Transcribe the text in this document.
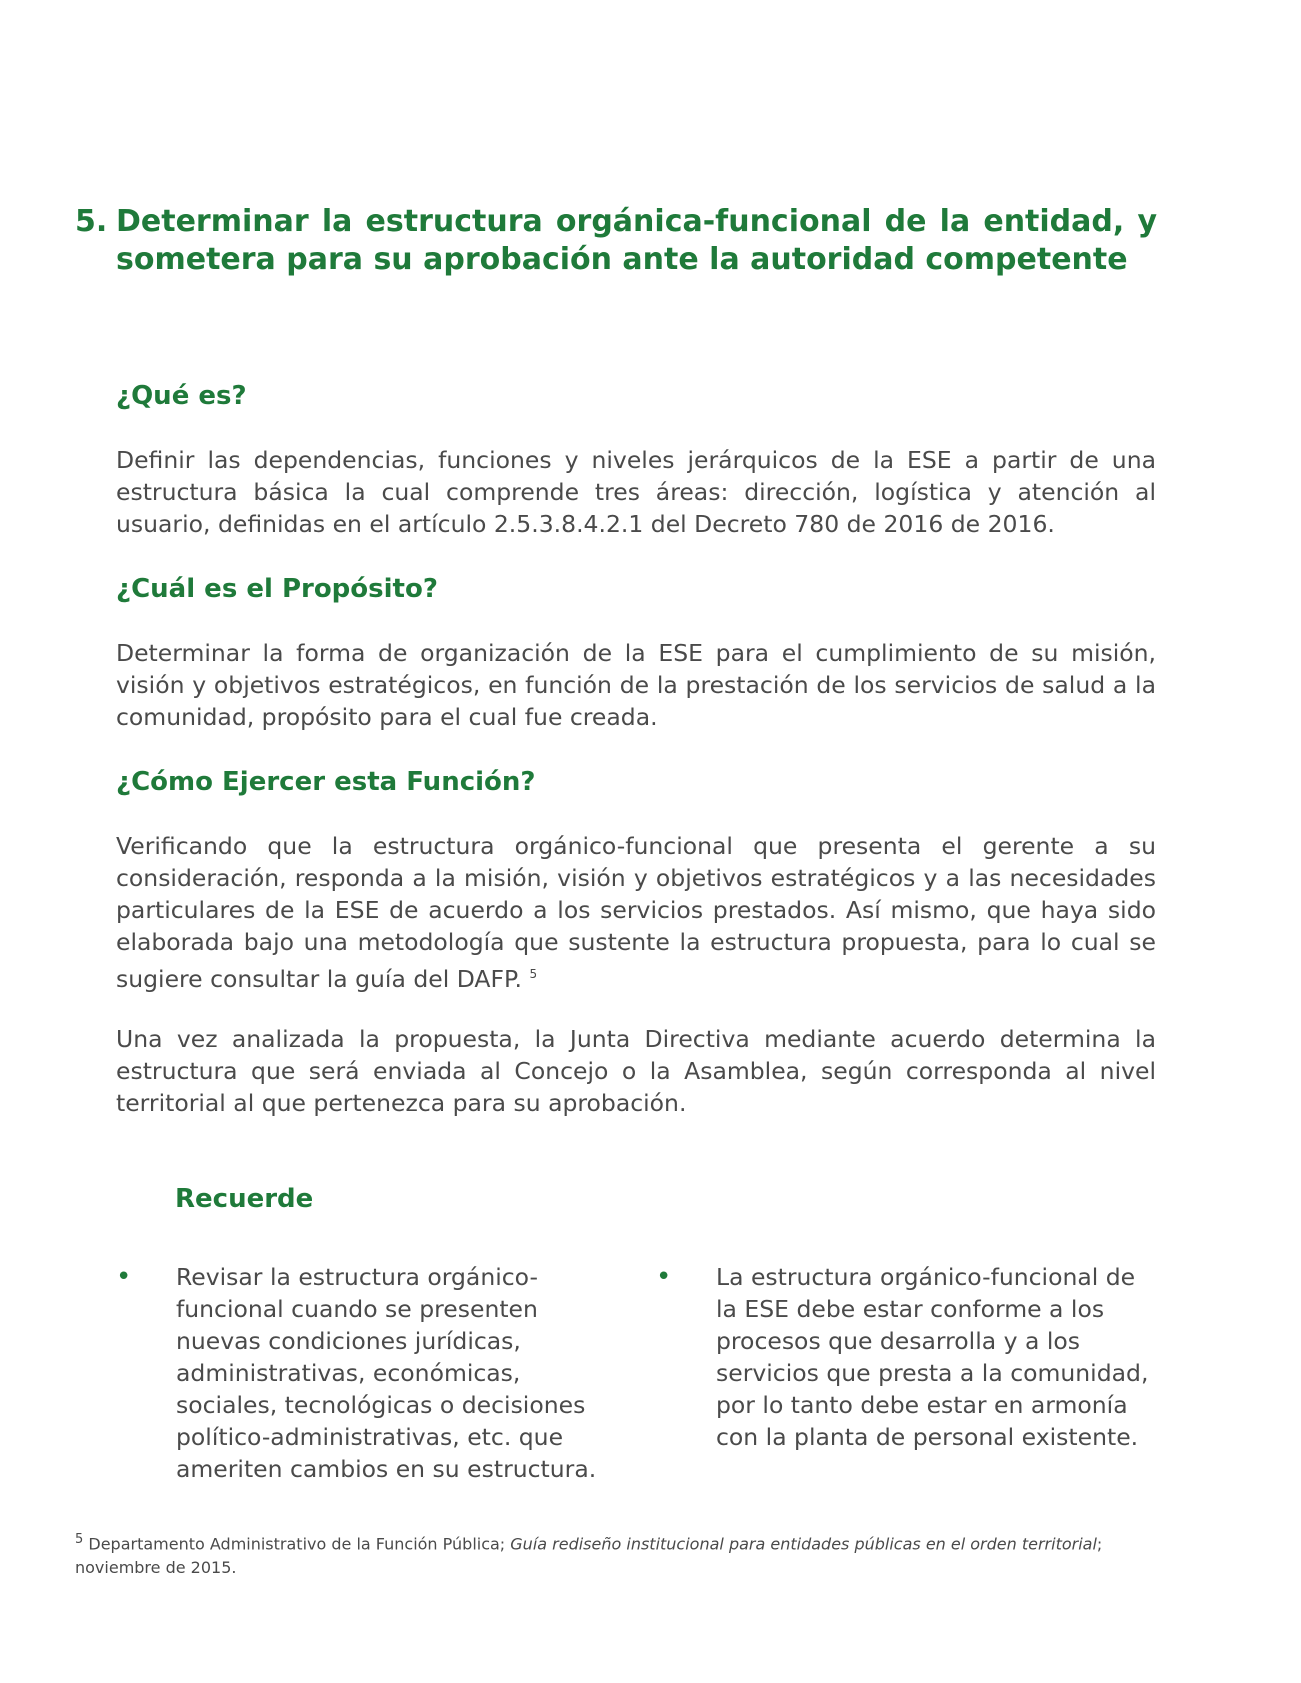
5. Determinar la estructura orgánica-funcional de la entidad, y sometera para su aprobación ante la autoridad competente
¿Qué es?

Definir las dependencias, funciones y niveles jerárquicos de la ESE a partir de una estructura básica la cual comprende tres áreas: dirección, logística y atención al usuario, definidas en el artículo 2.5.3.8.4.2.1 del Decreto 780 de 2016 de 2016.

¿Cuál es el Propósito?

Determinar la forma de organización de la ESE para el cumplimiento de su misión, visión y objetivos estratégicos, en función de la prestación de los servicios de salud a la comunidad, propósito para el cual fue creada.

¿Cómo Ejercer esta Función?

Verificando que la estructura orgánico-funcional que presenta el gerente a su consideración, responda a la misión, visión y objetivos estratégicos y a las necesidades particulares de la ESE de acuerdo a los servicios prestados. Así mismo, que haya sido elaborada bajo una metodología que sustente la estructura propuesta, para lo cual se sugiere consultar la guía del DAFP. $^5$

Una vez analizada la propuesta, la Junta Directiva mediante acuerdo determina la estructura que será enviada al Concejo o la Asamblea, según corresponda al nivel territorial al que pertenezca para su aprobación.

Recuerde
•	Revisar la estructura orgánico-funcional cuando se presenten nuevas condiciones jurídicas, administrativas, económicas, sociales, tecnológicas o decisiones político-administrativas, etc. que ameriten cambios en su estructura.

•	La estructura orgánico-funcional de la ESE debe estar conforme a los procesos que desarrolla y a los servicios que presta a la comunidad, por lo tanto debe estar en armonía con la planta de personal existente.

$^5$ Departamento Administrativo de la Función Pública; Guía rediseño institucional para entidades públicas en el orden territorial; noviembre de 2015.
